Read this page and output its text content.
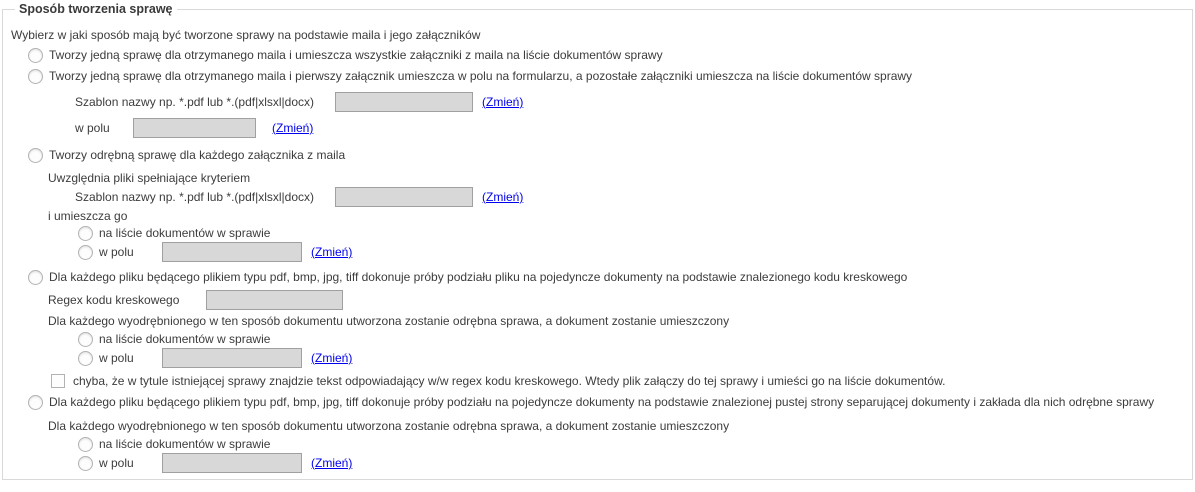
Sposób tworzenia sprawę
Wybierz w jaki sposób mają być tworzone sprawy na podstawie maila i jego załączników
Tworzy jedną sprawę dla otrzymanego maila i umieszcza wszystkie załączniki z maila na liście dokumentów sprawy
Tworzy jedną sprawę dla otrzymanego maila i pierwszy załącznik umieszcza w polu na formularzu, a pozostałe załączniki umieszcza na liście dokumentów sprawy
Szablon nazwy np. *.pdf lub *.(pdf|xlsxl|docx)	(Zmień)
w polu	(Zmień)
Tworzy odrębną sprawę dla każdego załącznika z maila
Uwzględnia pliki spełniające kryteriem
Szablon nazwy np. *.pdf lub *.(pdf|xlsxl|docx)	(Zmień)
i umieszcza go
na liście dokumentów w sprawie
w polu	(Zmień)
Dla każdego pliku będącego plikiem typu pdf, bmp, jpg, tiff dokonuje próby podziału pliku na pojedyncze dokumenty na podstawie znalezionego kodu kreskowego
Regex kodu kreskowego
Dla każdego wyodrębnionego w ten sposób dokumentu utworzona zostanie odrębna sprawa, a dokument zostanie umieszczony
na liście dokumentów w sprawie
w polu	(Zmień)
chyba, że w tytule istniejącej sprawy znajdzie tekst odpowiadający w/w regex kodu kreskowego. Wtedy plik załączy do tej sprawy i umieści go na liście dokumentów.
Dla każdego pliku będącego plikiem typu pdf, bmp, jpg, tiff dokonuje próby podziału na pojedyncze dokumenty na podstawie znalezionej pustej strony separującej dokumenty i zakłada dla nich odrębne sprawy
Dla każdego wyodrębnionego w ten sposób dokumentu utworzona zostanie odrębna sprawa, a dokument zostanie umieszczony
na liście dokumentów w sprawie
w polu	(Zmień)
